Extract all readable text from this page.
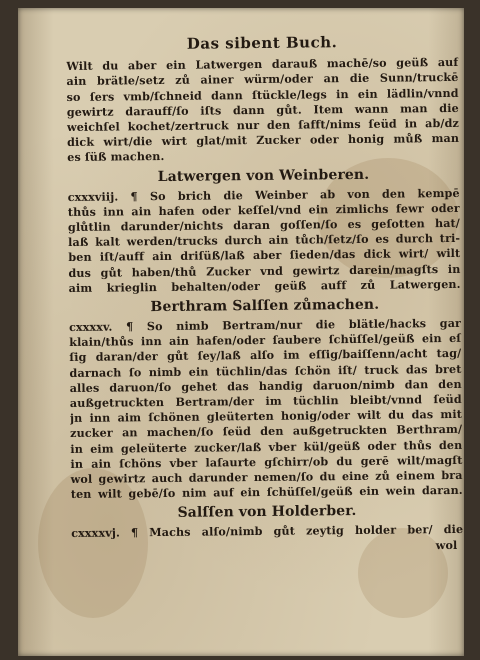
Das sibent Buch.
Wilt du aber ein Latwergen darauß machē/so geüß auf
ain brätle/setz zů ainer würm/oder an die Sunn/truckē
so ſers vmb/ſchneid dann ſtückle/legs in ein lädlin/vnnd
gewirtz darauff/ſo iſts dann gůt. Item wann man die
weichſel kochet/zertruck nur den ſafft/nims ſeüd in ab/dz
dick wirt/die wirt glat/mit Zucker oder honig můß man
es ſüß machen.
Latwergen von Weinberen.
cxxxviij. ¶ So brich die Weinber ab von den kempē
thůs inn ain hafen oder keſſel/vnd ein zimlichs fewr oder
glůtlin darunder/nichts daran goſſen/ſo es geſotten hat/
laß kalt werden/trucks durch ain tůch/ſetz/ſo es durch tri-
ben iſt/auff ain driſüß/laß aber ſieden/das dick wirt/ wilt
dus gůt haben/thů Zucker vnd gewirtz darein/magſts in
aim krieglin behalten/oder geüß auff zů Latwergen.
Berthram Salſſen zůmachen.
cxxxxv. ¶ So nimb Bertram/nur die blätle/hacks gar
klain/thůs inn ain hafen/oder ſaubere ſchüſſel/geüß ein eſ
ſig daran/der gůt ſey/laß alſo im eſſig/baiſſenn/acht tag/
darnach ſo nimb ein tüchlin/das ſchön iſt/ truck das bret
alles daruon/ſo gehet das handig daruon/nimb dan den
außgetruckten Bertram/der im tüchlin bleibt/vnnd ſeüd
jn inn aim ſchönen gleüterten honig/oder wilt du das mit
zucker an machen/ſo ſeüd den außgetruckten Berthram/
in eim geleüterte zucker/laß vber kül/geüß oder thůs den
in ain ſchöns vber laſaurte gſchirr/ob du gerē wilt/magſt
wol gewirtz auch darunder nemen/ſo du eine zů einem bra
ten wilt gebē/ſo nim auf ein ſchüſſel/geüß ein wein daran.
Salſſen von Holderber.
cxxxxvj. ¶ Machs alſo/nimb gůt zeytig holder ber/ die
wol
